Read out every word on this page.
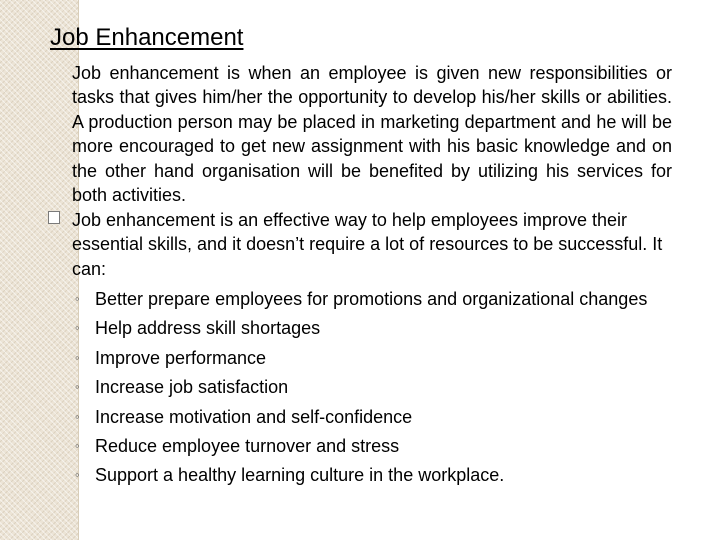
Job Enhancement
Job enhancement is when an employee is given new responsibilities or tasks that gives him/her the opportunity to develop his/her skills or abilities. A production person may be placed in marketing department and he will be more encouraged to get new assignment with his basic knowledge and on the other hand organisation will be benefited by utilizing his services for both activities.
Job enhancement is an effective way to help employees improve their essential skills, and it doesn’t require a lot of resources to be successful. It can:
◦ Better prepare employees for promotions and organizational changes
◦ Help address skill shortages
◦ Improve performance
◦ Increase job satisfaction
◦ Increase motivation and self-confidence
◦ Reduce employee turnover and stress
◦ Support a healthy learning culture in the workplace.
